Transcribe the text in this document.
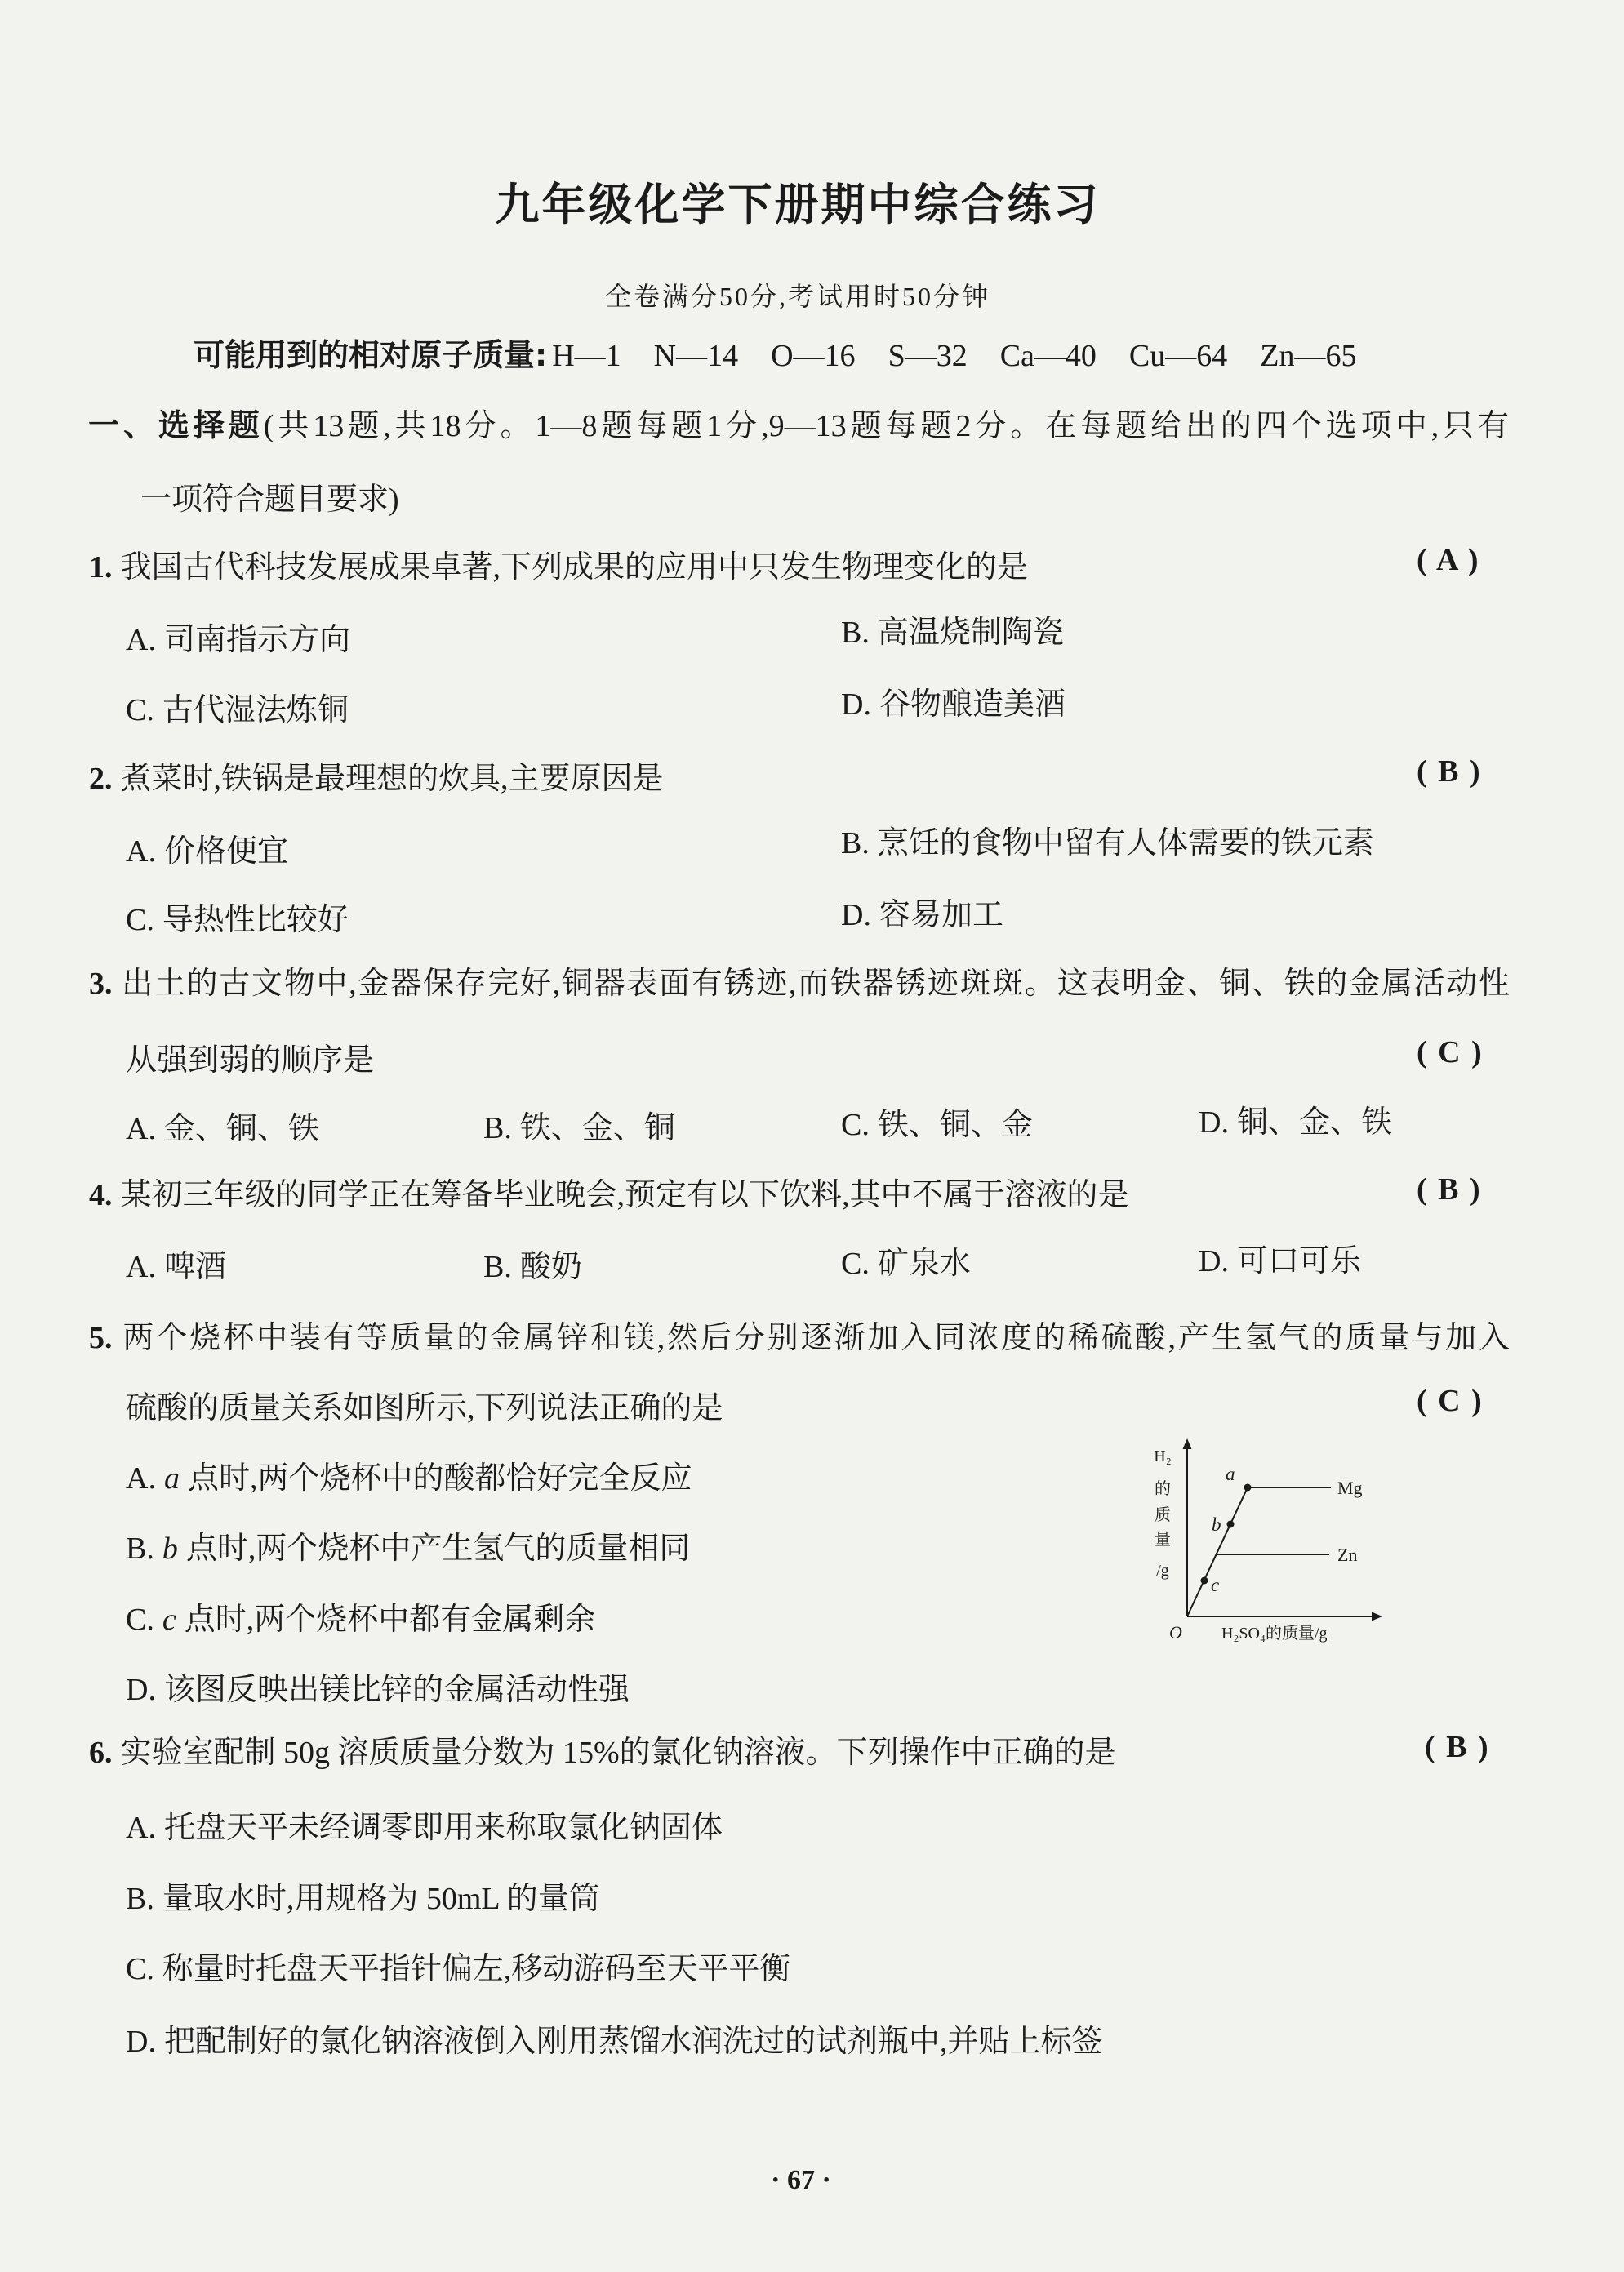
九年级化学下册期中综合练习
全卷满分50分,考试用时50分钟
可能用到的相对原子质量: H—1 N—14 O—16 S—32 Ca—40 Cu—64 Zn—65
一、选择题(共13题,共18分。1—8题每题1分,9—13题每题2分。在每题给出的四个选项中,只有
一项符合题目要求)
1. 我国古代科技发展成果卓著,下列成果的应用中只发生物理变化的是	( A )
A. 司南指示方向	B. 高温烧制陶瓷
C. 古代湿法炼铜	D. 谷物酿造美酒
2. 煮菜时,铁锅是最理想的炊具,主要原因是	( B )
A. 价格便宜	B. 烹饪的食物中留有人体需要的铁元素
C. 导热性比较好	D. 容易加工
3. 出土的古文物中,金器保存完好,铜器表面有锈迹,而铁器锈迹斑斑。这表明金、铜、铁的金属活动性
从强到弱的顺序是	( C )
A. 金、铜、铁	B. 铁、金、铜	C. 铁、铜、金	D. 铜、金、铁
4. 某初三年级的同学正在筹备毕业晚会,预定有以下饮料,其中不属于溶液的是	( B )
A. 啤酒	B. 酸奶	C. 矿泉水	D. 可口可乐
5. 两个烧杯中装有等质量的金属锌和镁,然后分别逐渐加入同浓度的稀硫酸,产生氢气的质量与加入
硫酸的质量关系如图所示,下列说法正确的是	( C )
A. a 点时,两个烧杯中的酸都恰好完全反应
B. b 点时,两个烧杯中产生氢气的质量相同
C. c 点时,两个烧杯中都有金属剩余
D. 该图反映出镁比锌的金属活动性强
a
b
c
Mg
Zn
H₂
的
质
量
/g
O H₂SO₄的质量/g
6. 实验室配制 50g 溶质质量分数为 15%的氯化钠溶液。下列操作中正确的是	( B )
A. 托盘天平未经调零即用来称取氯化钠固体
B. 量取水时,用规格为 50mL 的量筒
C. 称量时托盘天平指针偏左,移动游码至天平平衡
D. 把配制好的氯化钠溶液倒入刚用蒸馏水润洗过的试剂瓶中,并贴上标签
· 67 ·
